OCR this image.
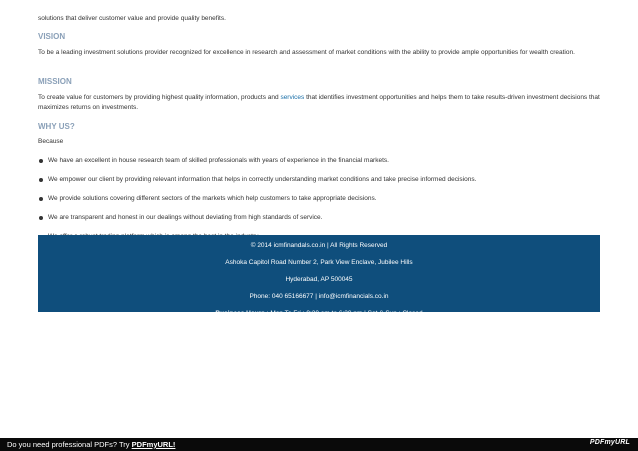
solutions that deliver customer value and provide quality benefits.

VISION

To be a leading investment solutions provider recognized for excellence in research and assessment of market conditions with the ability to provide ample opportunities for wealth creation.

MISSION

To create value for customers by providing highest quality information, products and services that identifies investment opportunities and helps them to take results-driven investment decisions that maximizes returns on investments.

WHY US?

Because

We have an excellent in house research team of skilled professionals with years of experience in the financial markets.
We empower our client by providing relevant information that helps in correctly understanding market conditions and take precise informed decisions.
We provide solutions covering different sectors of the markets which help customers to take appropriate decisions.
We are transparent and honest in our dealings without deviating from high standards of service.
© 2014 icmfinandals.co.in | All Rights Reserved
Ashoka Capitol Road Number 2, Park View Enclave, Jubilee Hills
Hyderabad, AP 500045
Phone: 040 65166677 | info@icmfinancials.co.in
Business Hours : Mon To Fri : 9:30 am to 6:30 pm | Sat & Sun : Closed
Do you need professional PDFs? Try PDFmyURL!	PDFmyURL
